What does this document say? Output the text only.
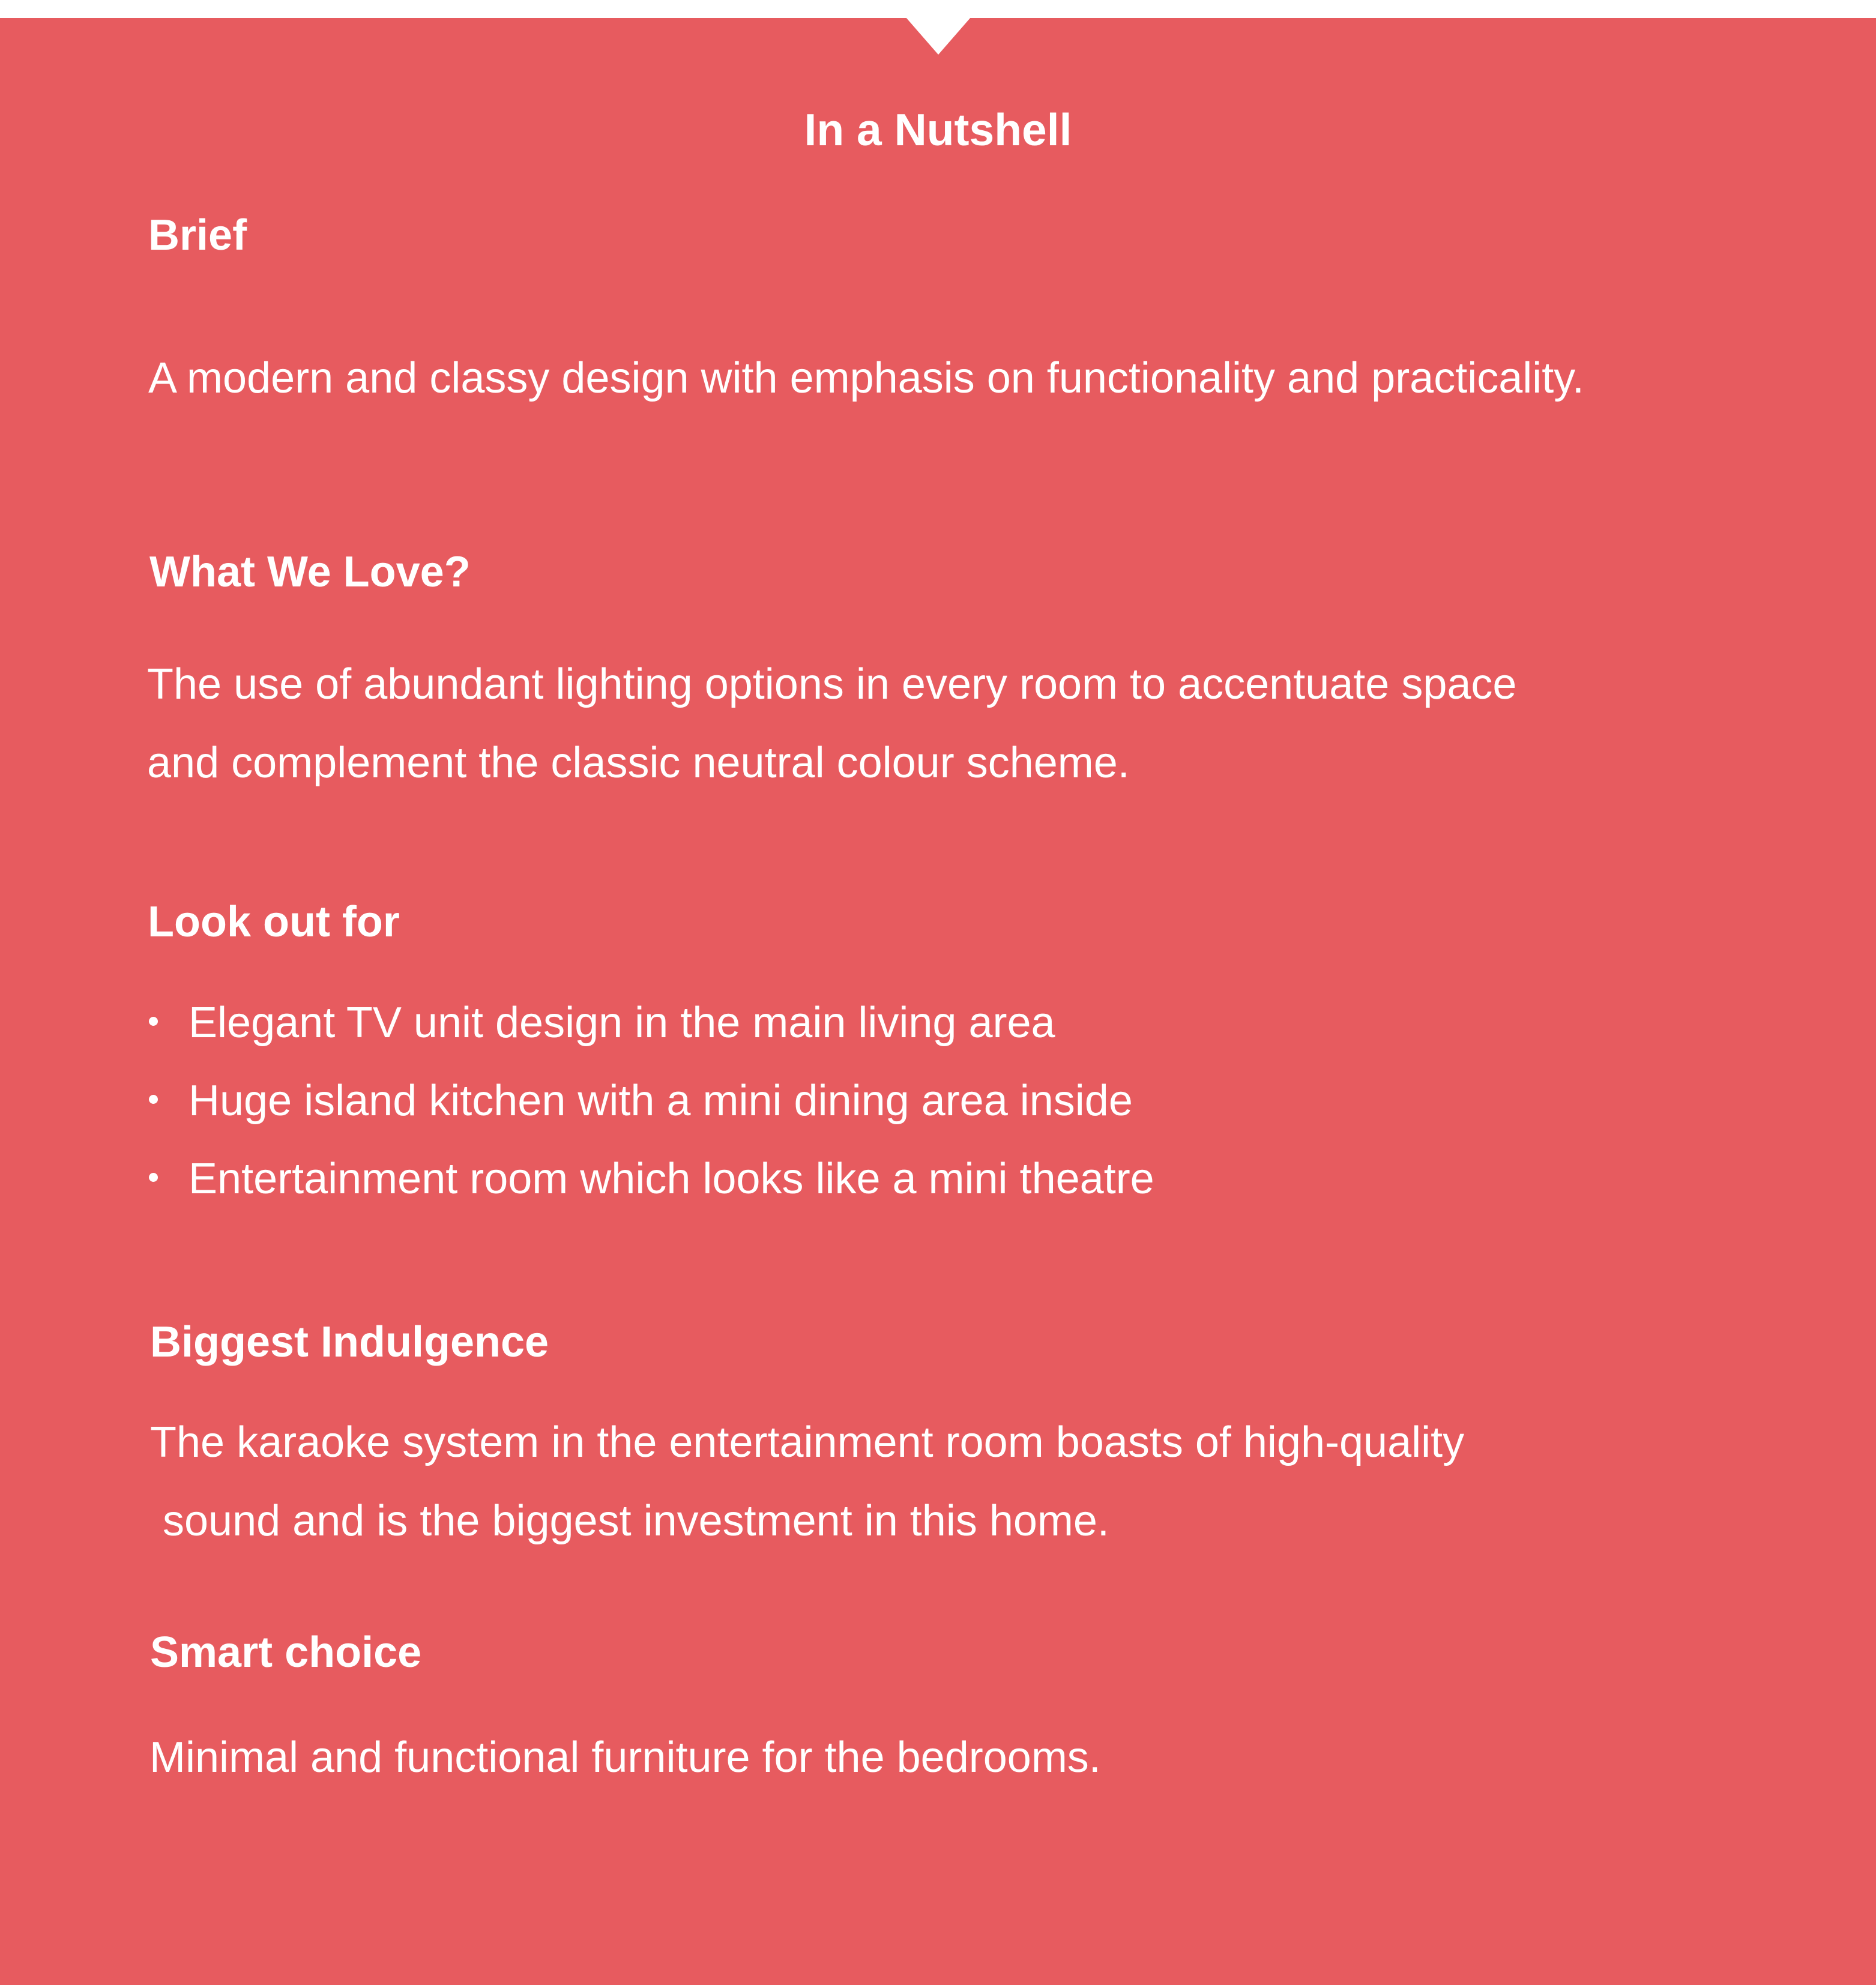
In a Nutshell
Brief

A modern and classy design with emphasis on functionality and practicality.

What We Love?

The use of abundant lighting options in every room to accentuate space

and complement the classic neutral colour scheme.

Look out for

Elegant TV unit design in the main living area

Huge island kitchen with a mini dining area inside

Entertainment room which looks like a mini theatre

Biggest Indulgence

The karaoke system in the entertainment room boasts of high-quality

sound and is the biggest investment in this home.

Smart choice

Minimal and functional furniture for the bedrooms.
